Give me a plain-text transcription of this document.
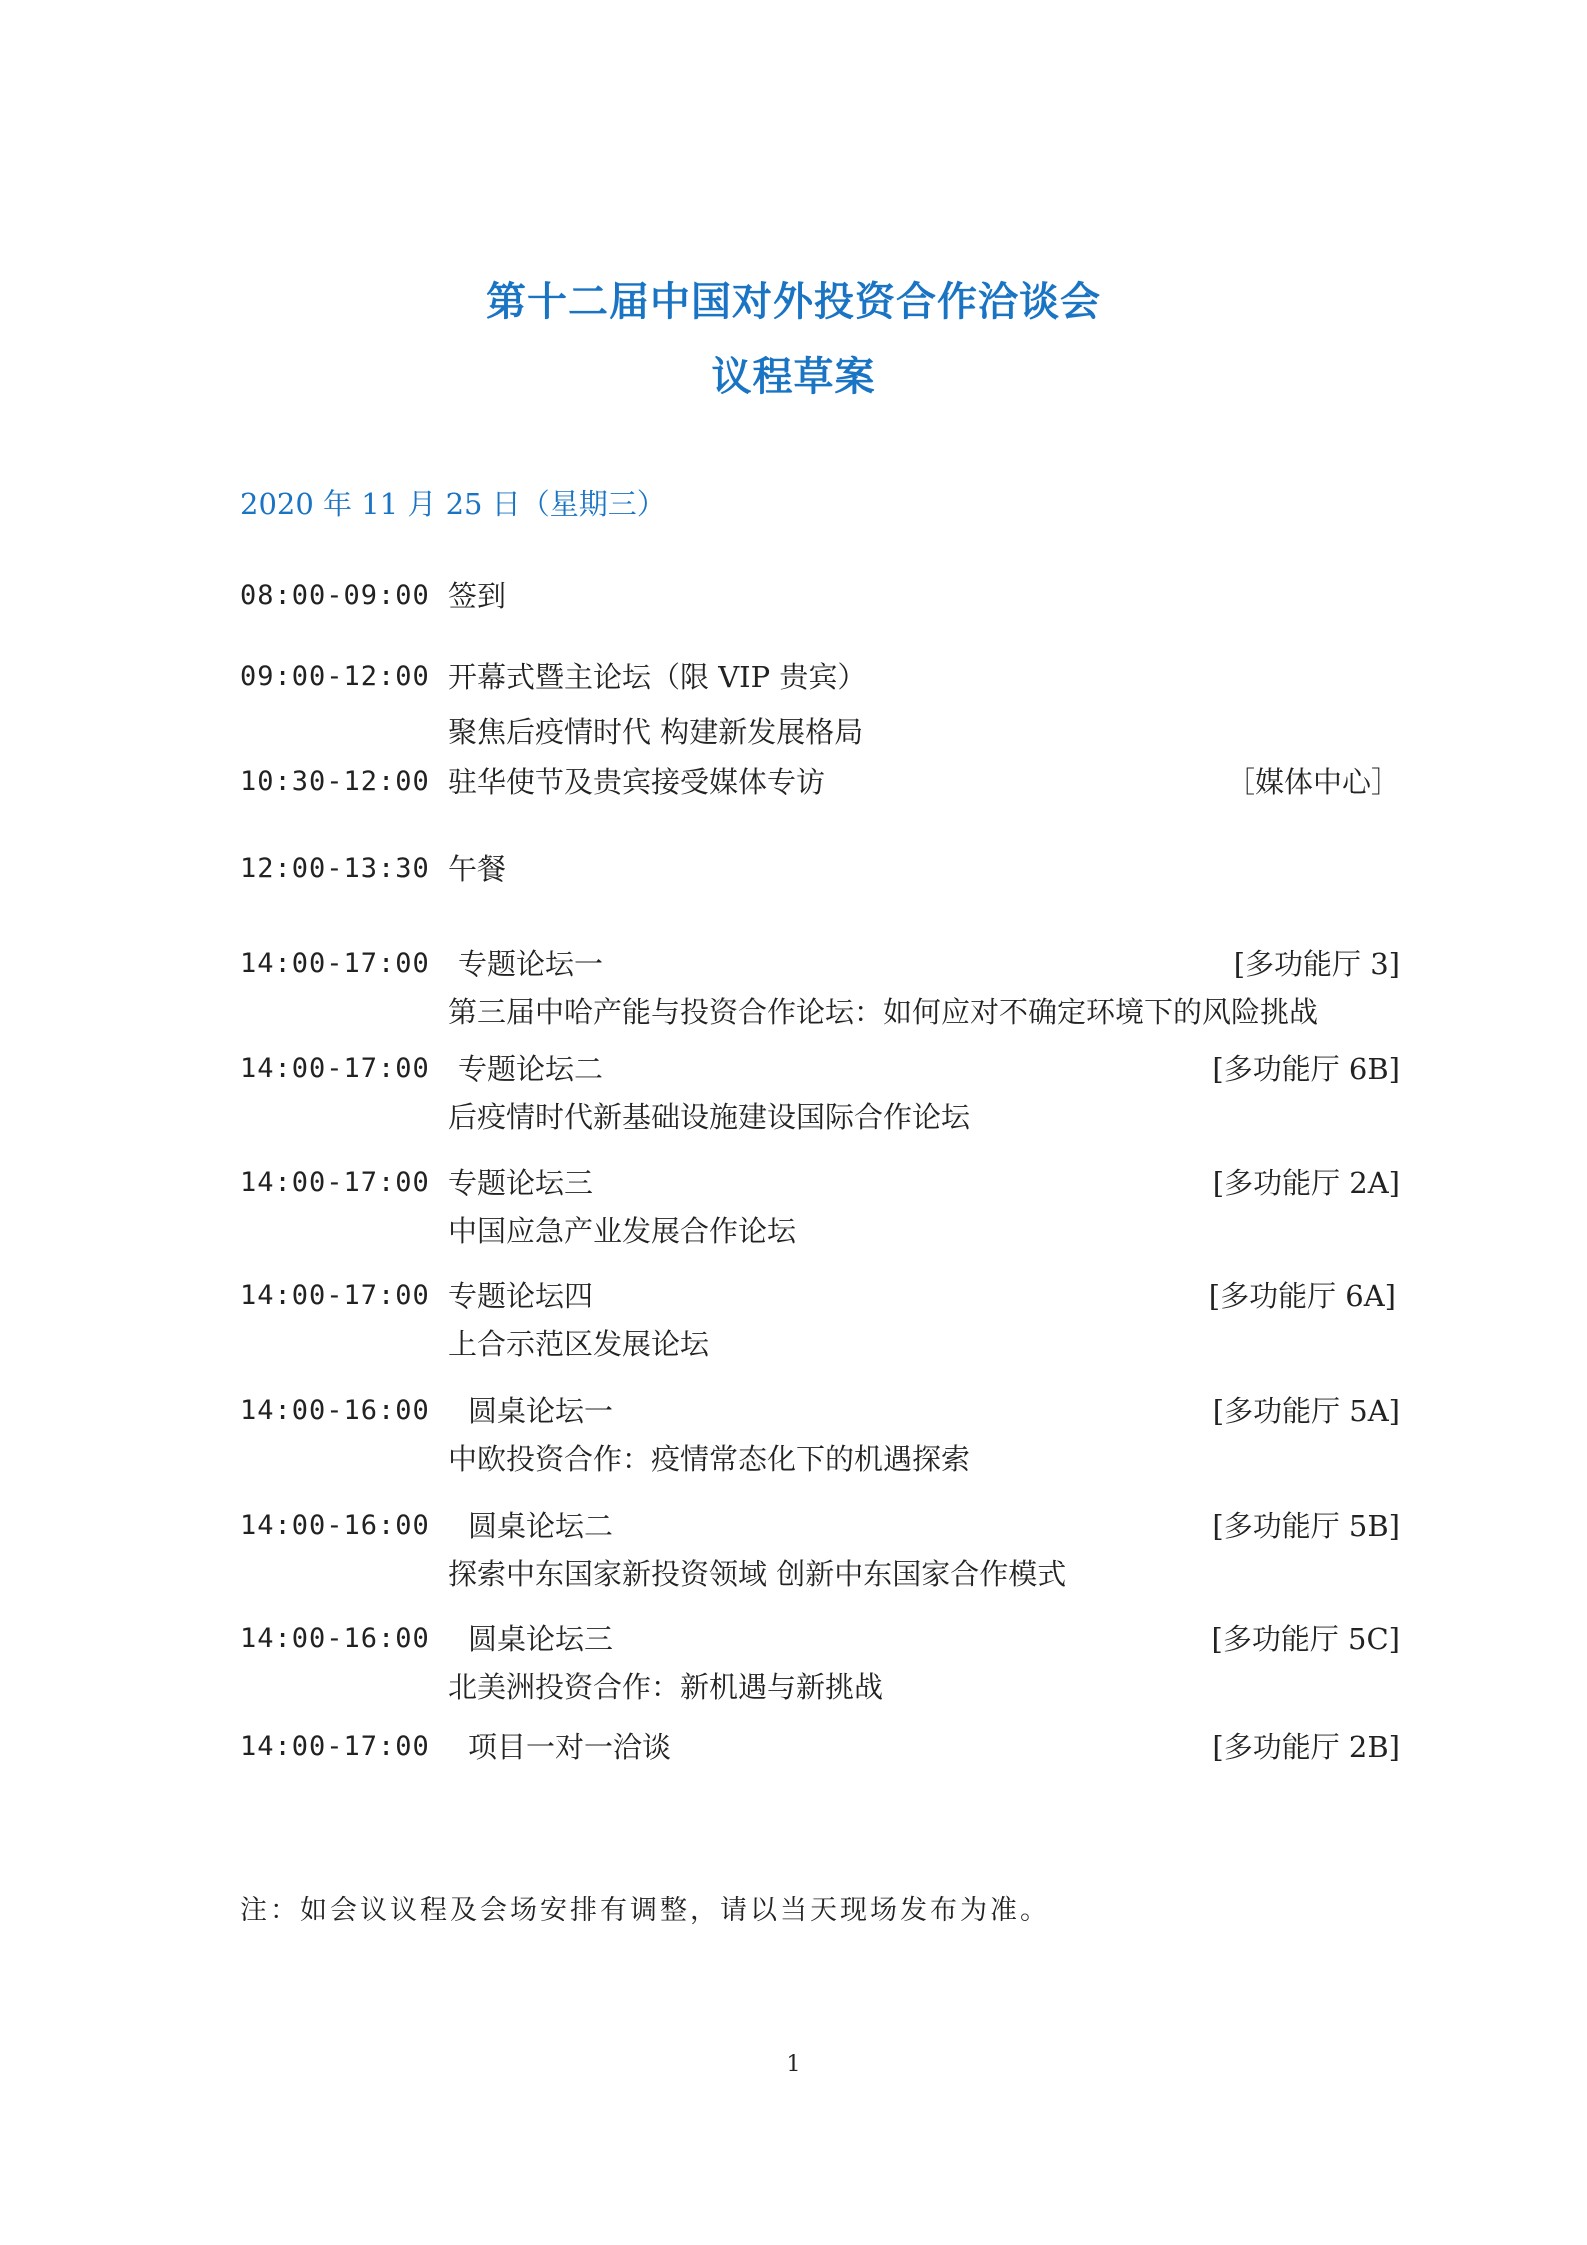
第十二届中国对外投资合作洽谈会
议程草案
2020 年 11 月 25 日（星期三）
08:00-09:00 签到
09:00-12:00 开幕式暨主论坛（限 VIP 贵宾）
聚焦后疫情时代 构建新发展格局
10:30-12:00 驻华使节及贵宾接受媒体专访	［媒体中心］
12:00-13:30 午餐
14:00-17:00 专题论坛一	[多功能厅 3]
第三届中哈产能与投资合作论坛：如何应对不确定环境下的风险挑战
14:00-17:00 专题论坛二	[多功能厅 6B]
后疫情时代新基础设施建设国际合作论坛
14:00-17:00 专题论坛三	[多功能厅 2A]
中国应急产业发展合作论坛
14:00-17:00 专题论坛四	[多功能厅 6A]
上合示范区发展论坛
14:00-16:00 圆桌论坛一	[多功能厅 5A]
中欧投资合作：疫情常态化下的机遇探索
14:00-16:00 圆桌论坛二	[多功能厅 5B]
探索中东国家新投资领域 创新中东国家合作模式
14:00-16:00 圆桌论坛三	[多功能厅 5C]
北美洲投资合作：新机遇与新挑战
14:00-17:00 项目一对一洽谈	[多功能厅 2B]
注：如会议议程及会场安排有调整，请以当天现场发布为准。
1
